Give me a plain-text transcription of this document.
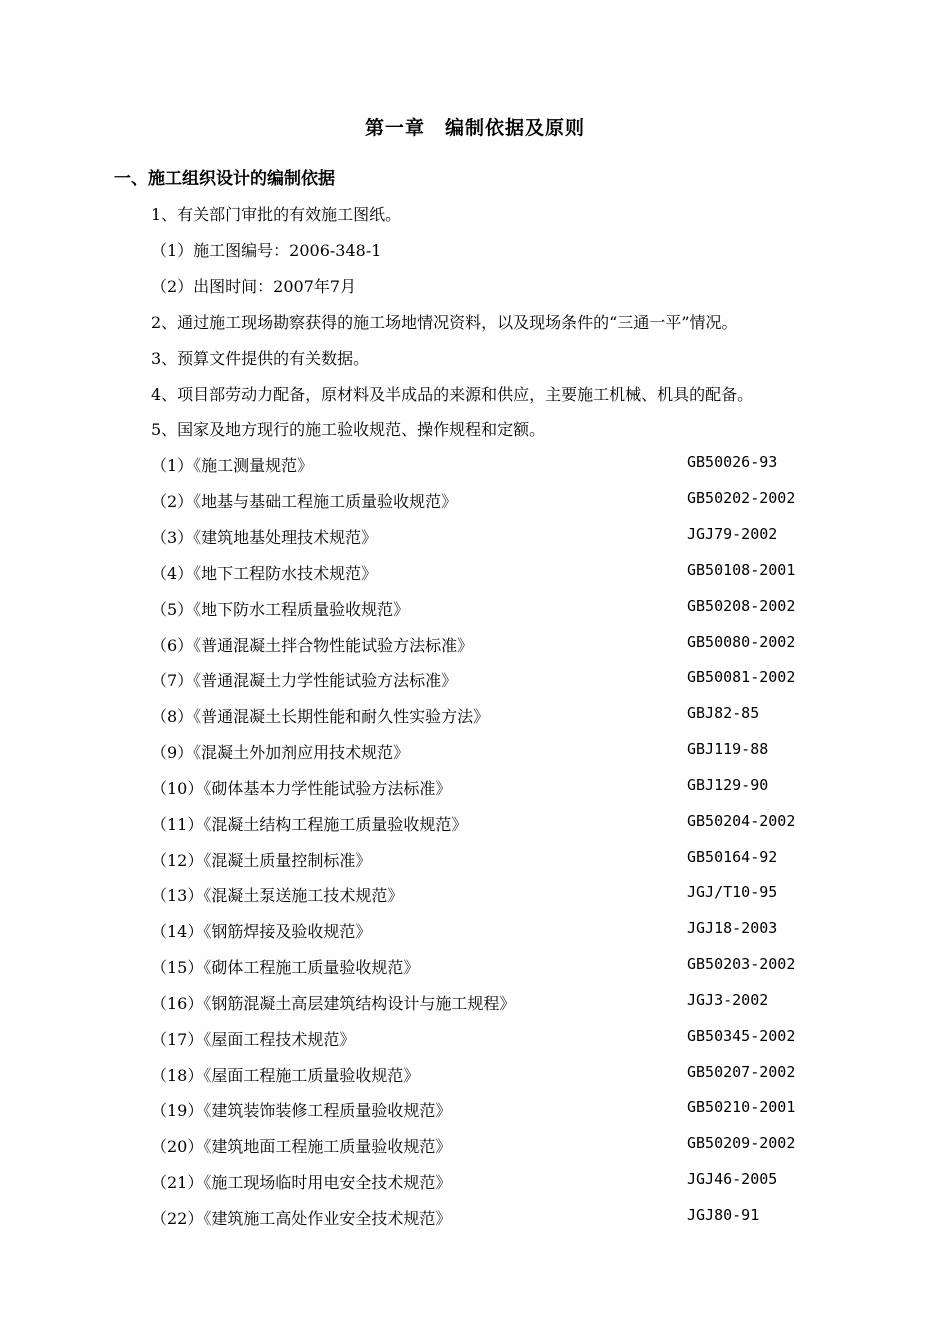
第一章　编制依据及原则
一、施工组织设计的编制依据
1、有关部门审批的有效施工图纸。
（1）施工图编号：2006-348-1
（2）出图时间：2007年7月
2、通过施工现场勘察获得的施工场地情况资料，以及现场条件的“三通一平”情况。
3、预算文件提供的有关数据。
4、项目部劳动力配备，原材料及半成品的来源和供应，主要施工机械、机具的配备。
5、国家及地方现行的施工验收规范、操作规程和定额。
（1）《施工测量规范》	GB50026-93
（2）《地基与基础工程施工质量验收规范》	GB50202-2002
（3）《建筑地基处理技术规范》	JGJ79-2002
（4）《地下工程防水技术规范》	GB50108-2001
（5）《地下防水工程质量验收规范》	GB50208-2002
（6）《普通混凝土拌合物性能试验方法标准》	GB50080-2002
（7）《普通混凝土力学性能试验方法标准》	GB50081-2002
（8）《普通混凝土长期性能和耐久性实验方法》	GBJ82-85
（9）《混凝土外加剂应用技术规范》	GBJ119-88
（10）《砌体基本力学性能试验方法标准》	GBJ129-90
（11）《混凝土结构工程施工质量验收规范》	GB50204-2002
（12）《混凝土质量控制标准》	GB50164-92
（13）《混凝土泵送施工技术规范》	JGJ/T10-95
（14）《钢筋焊接及验收规范》	JGJ18-2003
（15）《砌体工程施工质量验收规范》	GB50203-2002
（16）《钢筋混凝土高层建筑结构设计与施工规程》	JGJ3-2002
（17）《屋面工程技术规范》	GB50345-2002
（18）《屋面工程施工质量验收规范》	GB50207-2002
（19）《建筑装饰装修工程质量验收规范》	GB50210-2001
（20）《建筑地面工程施工质量验收规范》	GB50209-2002
（21）《施工现场临时用电安全技术规范》	JGJ46-2005
（22）《建筑施工高处作业安全技术规范》	JGJ80-91
